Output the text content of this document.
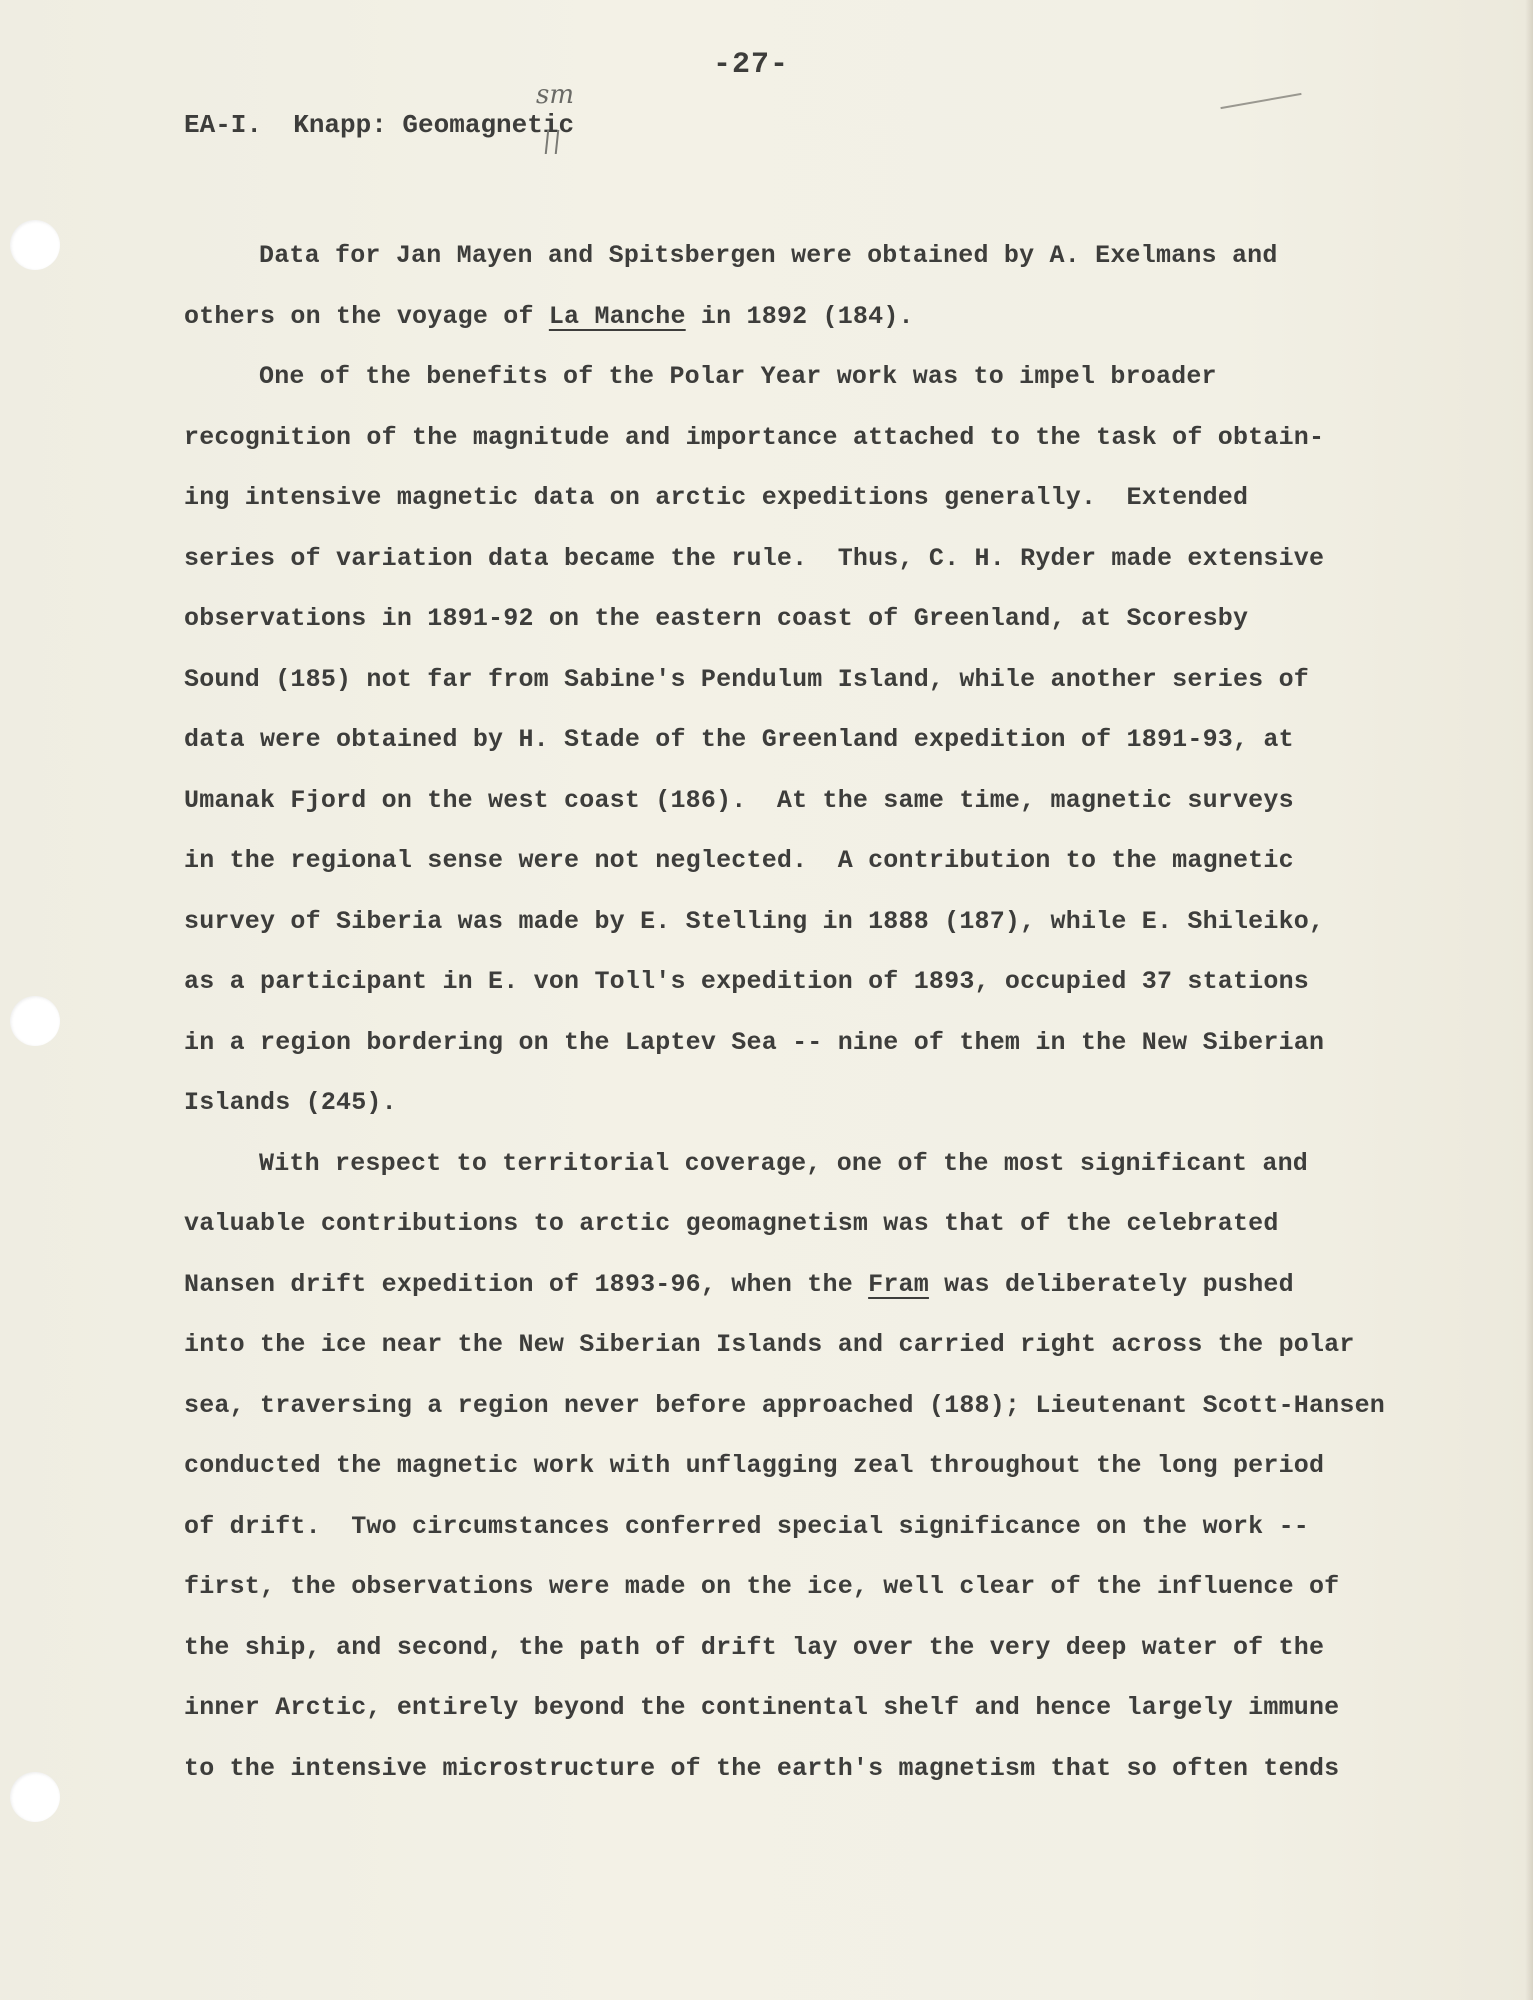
-27-
EA-I.  Knapp: Geomagnetic
sm
Data for Jan Mayen and Spitsbergen were obtained by A. Exelmans and
others on the voyage of La Manche in 1892 (184).
One of the benefits of the Polar Year work was to impel broader
recognition of the magnitude and importance attached to the task of obtain-
ing intensive magnetic data on arctic expeditions generally.  Extended
series of variation data became the rule.  Thus, C. H. Ryder made extensive
observations in 1891-92 on the eastern coast of Greenland, at Scoresby
Sound (185) not far from Sabine's Pendulum Island, while another series of
data were obtained by H. Stade of the Greenland expedition of 1891-93, at
Umanak Fjord on the west coast (186).  At the same time, magnetic surveys
in the regional sense were not neglected.  A contribution to the magnetic
survey of Siberia was made by E. Stelling in 1888 (187), while E. Shileiko,
as a participant in E. von Toll's expedition of 1893, occupied 37 stations
in a region bordering on the Laptev Sea -- nine of them in the New Siberian
Islands (245).
With respect to territorial coverage, one of the most significant and
valuable contributions to arctic geomagnetism was that of the celebrated
Nansen drift expedition of 1893-96, when the Fram was deliberately pushed
into the ice near the New Siberian Islands and carried right across the polar
sea, traversing a region never before approached (188); Lieutenant Scott-Hansen
conducted the magnetic work with unflagging zeal throughout the long period
of drift.  Two circumstances conferred special significance on the work --
first, the observations were made on the ice, well clear of the influence of
the ship, and second, the path of drift lay over the very deep water of the
inner Arctic, entirely beyond the continental shelf and hence largely immune
to the intensive microstructure of the earth's magnetism that so often tends
